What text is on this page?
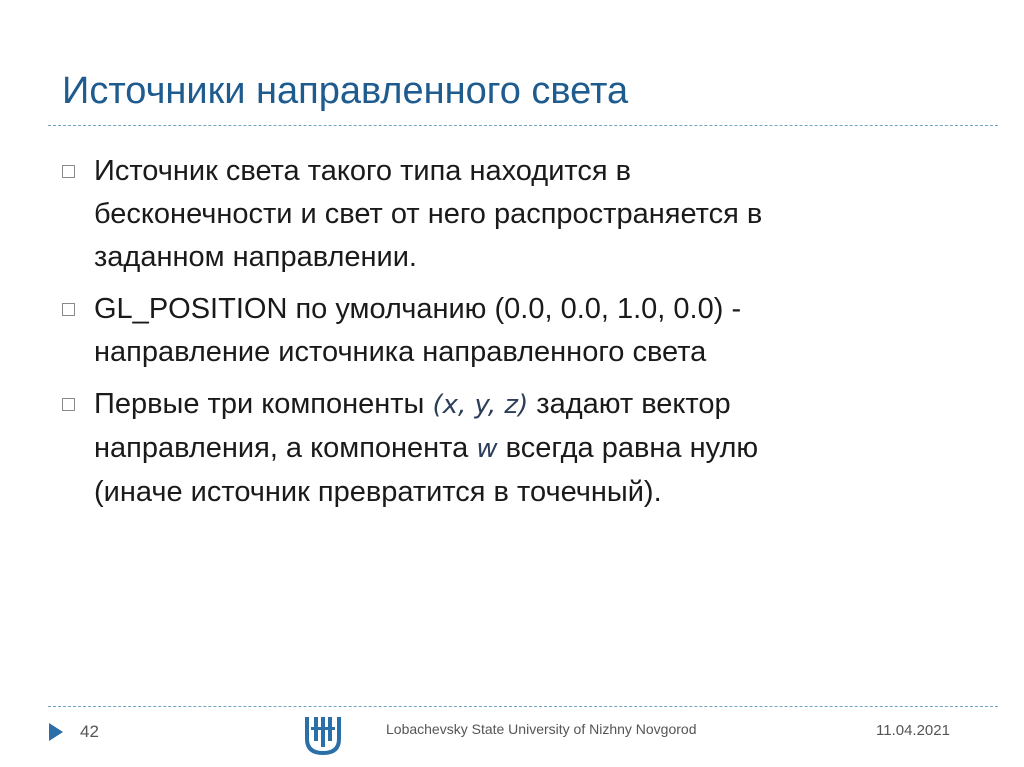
Источники направленного света
Источник света такого типа находится в
бесконечности и свет от него распространяется в
заданном направлении.
GL_POSITION по умолчанию (0.0, 0.0, 1.0, 0.0) -
направление источника направленного света
Первые три компоненты (x, y, z) задают вектор
направления, а компонента w всегда равна нулю
(иначе источник превратится в точечный).
42	Lobachevsky State University of Nizhny Novgorod	11.04.2021
